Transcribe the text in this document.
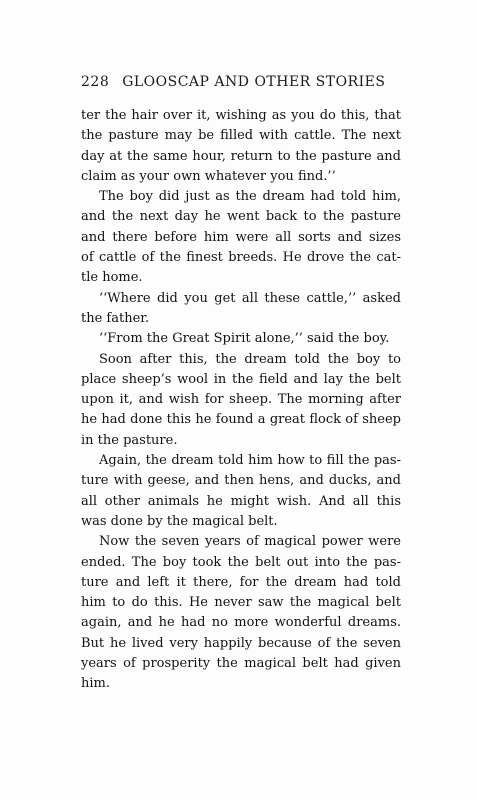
228 GLOOSCAP AND OTHER STORIES
ter the hair over it, wishing as you do this, that
the pasture may be filled with cattle. The next
day at the same hour, return to the pasture and
claim as your own whatever you find.’’
The boy did just as the dream had told him,
and the next day he went back to the pasture
and there before him were all sorts and sizes
of cattle of the finest breeds. He drove the cat-
tle home.
‘‘Where did you get all these cattle,’’ asked
the father.
‘‘From the Great Spirit alone,’’ said the boy.
Soon after this, the dream told the boy to
place sheep’s wool in the field and lay the belt
upon it, and wish for sheep. The morning after
he had done this he found a great flock of sheep
in the pasture.
Again, the dream told him how to fill the pas-
ture with geese, and then hens, and ducks, and
all other animals he might wish. And all this
was done by the magical belt.
Now the seven years of magical power were
ended. The boy took the belt out into the pas-
ture and left it there, for the dream had told
him to do this. He never saw the magical belt
again, and he had no more wonderful dreams.
But he lived very happily because of the seven
years of prosperity the magical belt had given
him.
